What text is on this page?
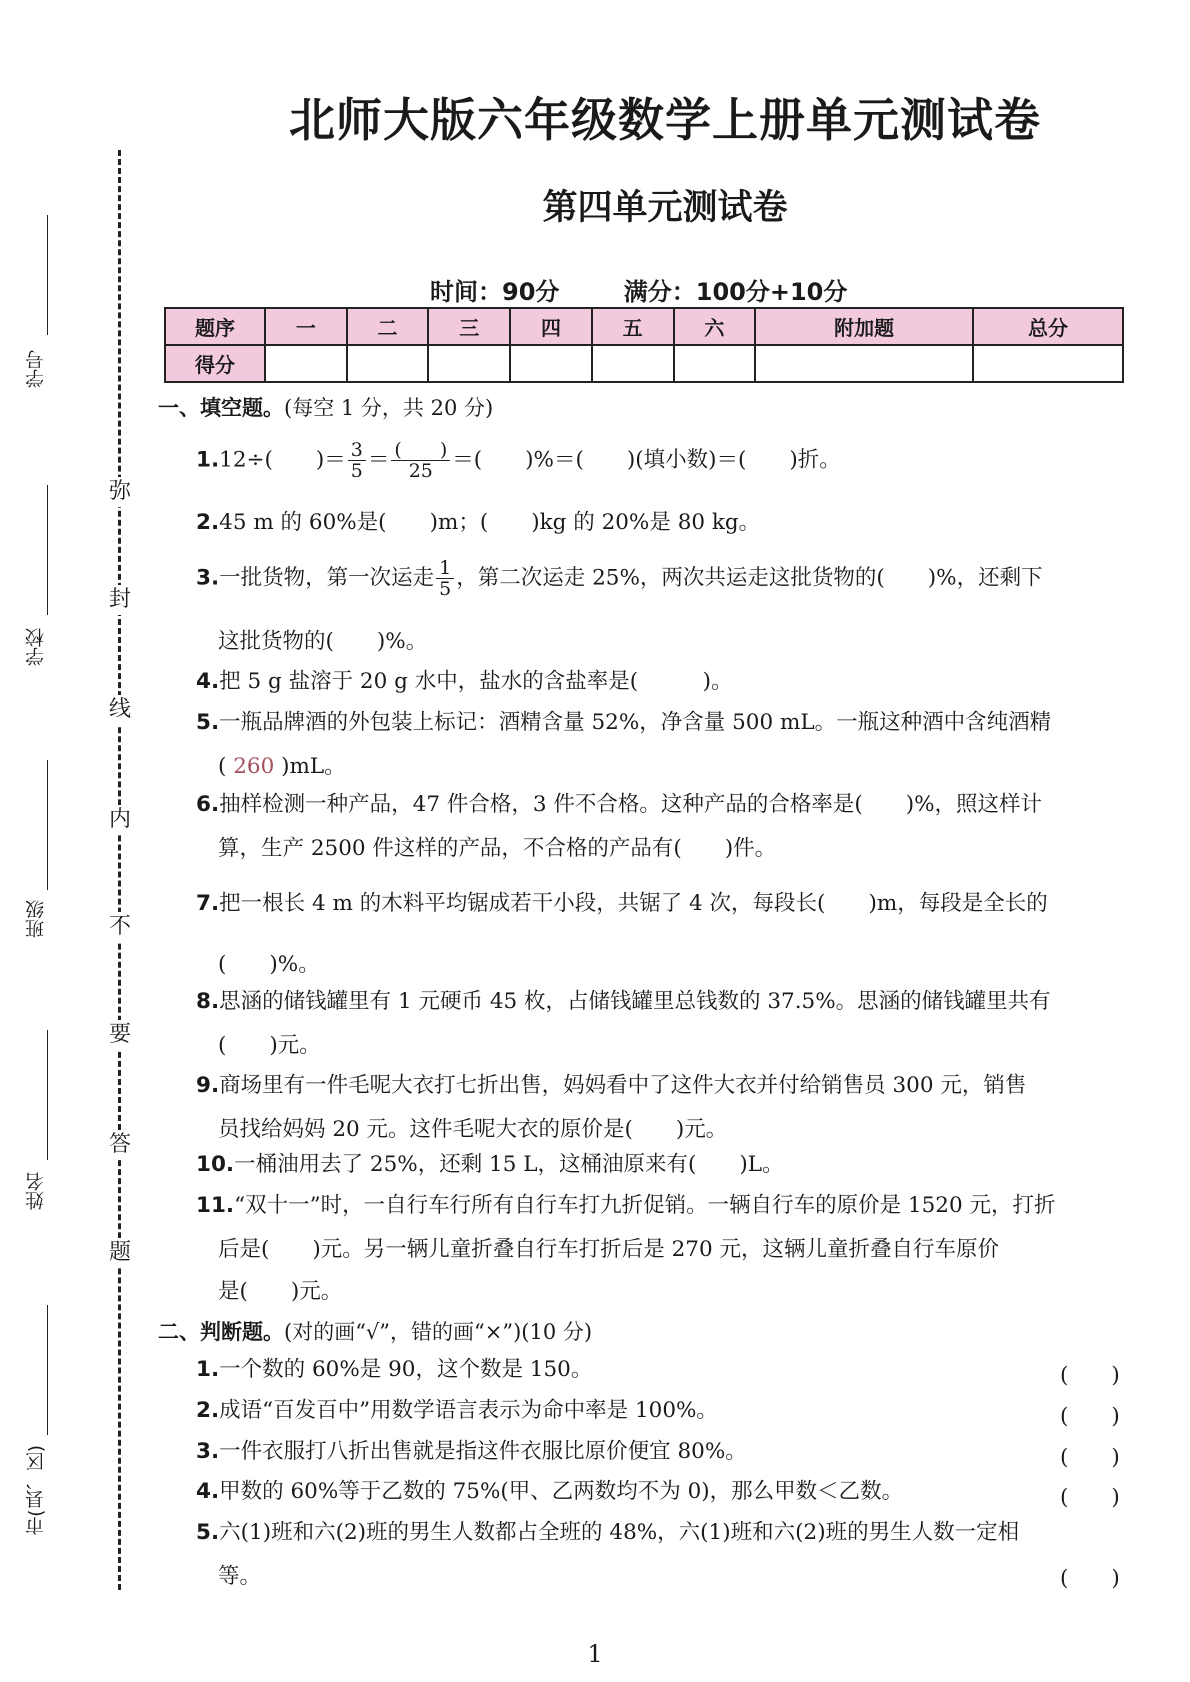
弥
封
线
内
不
要
答
题
学号
学校
班级
姓名
市(县、区)
北师大版六年级数学上册单元测试卷
第四单元测试卷
时间：90分	满分：100分+10分
题序	一	二	三	四	五	六	附加题	总分
得分								
一、填空题。(每空 1 分，共 20 分)
1.12÷(　　)＝ $\frac{3}{5} = \frac{( )}{25}$ ＝(　　)%＝(　　)(填小数)＝(　　)折。
2.45 m 的 60%是(　　)m；(　　)kg 的 20%是 80 kg。
3.一批货物，第一次运走 $\frac{1}{5}$ ，第二次运走 25%，两次共运走这批货物的(　　)%，还剩下
这批货物的(　　)%。
4.把 5 g 盐溶于 20 g 水中，盐水的含盐率是(　　　)。
5.一瓶品牌酒的外包装上标记：酒精含量 52%，净含量 500 mL。一瓶这种酒中含纯酒精
( 260 )mL。
6.抽样检测一种产品，47 件合格，3 件不合格。这种产品的合格率是(　　)%，照这样计
算，生产 2500 件这样的产品，不合格的产品有(　　)件。
7.把一根长 4 m 的木料平均锯成若干小段，共锯了 4 次，每段长(　　)m，每段是全长的
(　　)%。
8.思涵的储钱罐里有 1 元硬币 45 枚，占储钱罐里总钱数的 37.5%。思涵的储钱罐里共有
(　　)元。
9.商场里有一件毛呢大衣打七折出售，妈妈看中了这件大衣并付给销售员 300 元，销售
员找给妈妈 20 元。这件毛呢大衣的原价是(　　)元。
10.一桶油用去了 25%，还剩 15 L，这桶油原来有(　　)L。
11.“双十一”时，一自行车行所有自行车打九折促销。一辆自行车的原价是 1520 元，打折
后是(　　)元。另一辆儿童折叠自行车打折后是 270 元，这辆儿童折叠自行车原价
是(　　)元。
二、判断题。(对的画“√”，错的画“×”)(10 分)
1.一个数的 60%是 90，这个数是 150。	(　　)
2.成语“百发百中”用数学语言表示为命中率是 100%。	(　　)
3.一件衣服打八折出售就是指这件衣服比原价便宜 80%。	(　　)
4.甲数的 60%等于乙数的 75%(甲、乙两数均不为 0)，那么甲数＜乙数。	(　　)
5.六(1)班和六(2)班的男生人数都占全班的 48%，六(1)班和六(2)班的男生人数一定相
等。	(　　)
1
